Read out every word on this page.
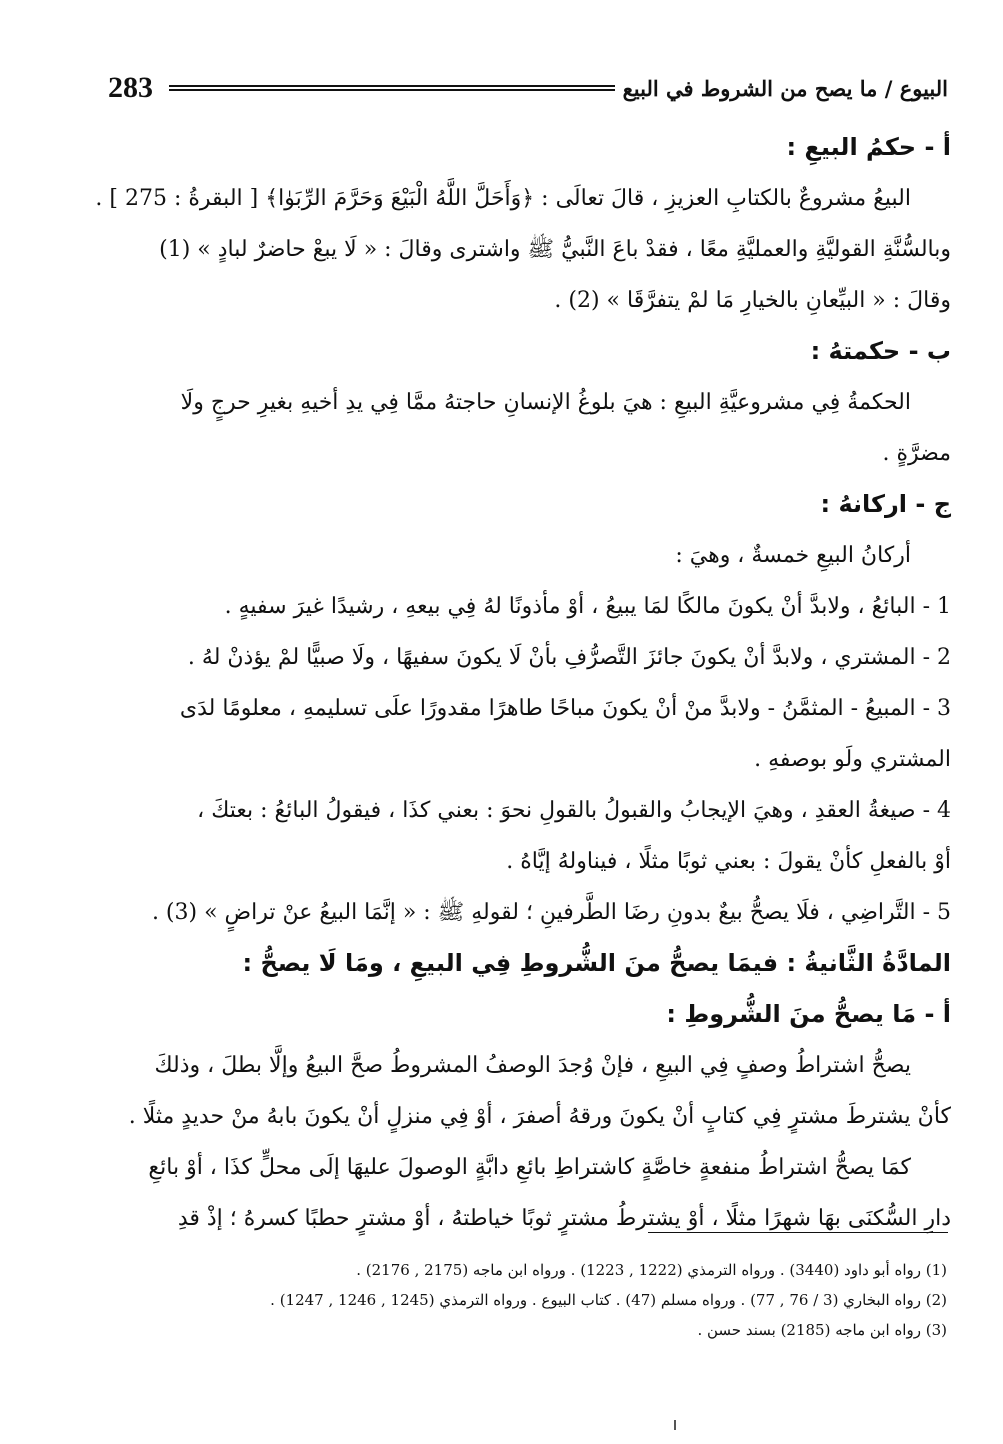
283	البيوع / ما يصح من الشروط في البيع
أ - حكمُ البيعِ :
البيعُ مشروعٌ بالكتابِ العزيزِ ، قالَ تعالَى : ﴿وَأَحَلَّ اللَّهُ الْبَيْعَ وَحَرَّمَ الرِّبَوٰا﴾ [ البقرةُ : 275 ] .
وبالسُّنَّةِ القوليَّةِ والعمليَّةِ معًا ، فقدْ باعَ النَّبيُّ ﷺ واشترى وقالَ : « لَا يبعْ حاضرٌ لبادٍ » (1)
وقالَ : « البيِّعانِ بالخيارِ مَا لمْ يتفرَّقَا » (2) .
ب - حكمتهُ :
الحكمةُ فِي مشروعيَّةِ البيعِ : هيَ بلوغُ الإنسانِ حاجتهُ ممَّا فِي يدِ أخيهِ بغيرِ حرجٍ ولَا
مضرَّةٍ .
ج - اركانهُ :
أركانُ البيعِ خمسةٌ ، وهيَ :
1 - البائعُ ، ولابدَّ أنْ يكونَ مالكًا لمَا يبيعُ ، أوْ مأذونًا لهُ فِي بيعهِ ، رشيدًا غيرَ سفيهٍ .
2 - المشتري ، ولابدَّ أنْ يكونَ جائزَ التَّصرُّفِ بأنْ لَا يكونَ سفيهًا ، ولَا صبيًّا لمْ يؤذنْ لهُ .
3 - المبيعُ - المثمَّنُ - ولابدَّ منْ أنْ يكونَ مباحًا طاهرًا مقدورًا علَى تسليمهِ ، معلومًا لدَى
المشتري ولَو بوصفهِ .
4 - صيغةُ العقدِ ، وهيَ الإيجابُ والقبولُ بالقولِ نحوَ : بعني كذَا ، فيقولُ البائعُ : بعتكَ ،
أوْ بالفعلِ كأنْ يقولَ : بعني ثوبًا مثلًا ، فيناولهُ إيَّاهُ .
5 - التَّراضِي ، فلَا يصحُّ بيعٌ بدونِ رضَا الطَّرفينِ ؛ لقولهِ ﷺ : « إنَّمَا البيعُ عنْ تراضٍ » (3) .
المادَّةُ الثَّانيةُ : فيمَا يصحُّ منَ الشُّروطِ فِي البيعِ ، ومَا لَا يصحُّ :
أ - مَا يصحُّ منَ الشُّروطِ :
يصحُّ اشتراطُ وصفٍ فِي البيعِ ، فإنْ وُجدَ الوصفُ المشروطُ صحَّ البيعُ وإلَّا بطلَ ، وذلكَ
كأنْ يشترطَ مشترٍ فِي كتابٍ أنْ يكونَ ورقهُ أصفرَ ، أوْ فِي منزلٍ أنْ يكونَ بابهُ منْ حديدٍ مثلًا .
كمَا يصحُّ اشتراطُ منفعةٍ خاصَّةٍ كاشتراطِ بائعِ دابَّةٍ الوصولَ عليهَا إلَى محلٍّ كذَا ، أوْ بائعِ
دارِ السُّكنَى بهَا شهرًا مثلًا ، أوْ يشترطُ مشترٍ ثوبًا خياطتهُ ، أوْ مشترٍ حطبًا كسرهُ ؛ إذْ قدِ
(1) رواه أبو داود (3440) . ورواه الترمذي (1222 , 1223) . ورواه ابن ماجه (2175 , 2176) .
(2) رواه البخاري (3 / 76 , 77) . ورواه مسلم (47) . كتاب البيوع . ورواه الترمذي (1245 , 1246 , 1247) .
(3) رواه ابن ماجه (2185) بسند حسن .
